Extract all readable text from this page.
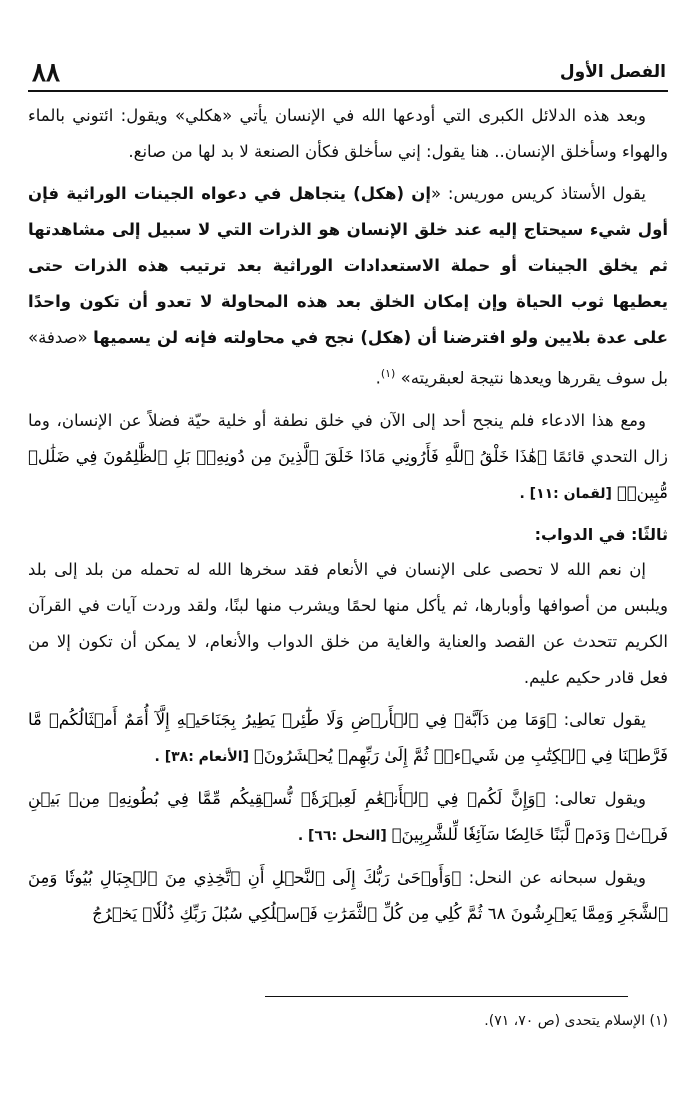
٨٨	الفصل الأول

وبعد هذه الدلائل الكبرى التي أودعها الله في الإنسان يأتي «هكلي» ويقول: ائتوني بالماء والهواء وسأخلق الإنسان.. هنا يقول: إني سأخلق فكأن الصنعة لا بد لها من صانع.

يقول الأستاذ كريس موريس: «إن (هكل) يتجاهل في دعواه الجينات الوراثية فإن أول شيء سيحتاج إليه عند خلق الإنسان هو الذرات التي لا سبيل إلى مشاهدتها ثم يخلق الجينات أو حملة الاستعدادات الوراثية بعد ترتيب هذه الذرات حتى يعطيها ثوب الحياة وإن إمكان الخلق بعد هذه المحاولة لا تعدو أن تكون واحدًا على عدة بلايين ولو افترضنا أن (هكل) نجح في محاولته فإنه لن يسميها «صدفة» بل سوف يقررها ويعدها نتيجة لعبقريته» $^{(١)}$.

ومع هذا الادعاء فلم ينجح أحد إلى الآن في خلق نطفة أو خلية حيّة فضلاً عن الإنسان، وما زال التحدي قائمًا ﴿هَٰذَا خَلْقُ ٱللَّهِ فَأَرُونِي مَاذَا خَلَقَ ٱلَّذِينَ مِن دُونِهِۦۚ بَلِ ٱلظَّٰلِمُونَ فِي ضَلَٰلٖ مُّبِينٖ﴾ [لقمان :١١] .

ثالثًا: في الدواب:

إن نعم الله لا تحصى على الإنسان في الأنعام فقد سخرها الله له تحمله من بلد إلى بلد ويلبس من أصوافها وأوبارها، ثم يأكل منها لحمًا ويشرب منها لبنًا، ولقد وردت آيات في القرآن الكريم تتحدث عن القصد والعناية والغاية من خلق الدواب والأنعام، لا يمكن أن تكون إلا من فعل قادر حكيم عليم.

يقول تعالى: ﴿وَمَا مِن دَآبَّةٖ فِي ٱلۡأَرۡضِ وَلَا طَٰٓئِرٖ يَطِيرُ بِجَنَاحَيۡهِ إِلَّآ أُمَمٌ أَمۡثَالُكُمۚ مَّا فَرَّطۡنَا فِي ٱلۡكِتَٰبِ مِن شَيۡءٖۚ ثُمَّ إِلَىٰ رَبِّهِمۡ يُحۡشَرُونَ﴾ [الأنعام :٣٨] .

ويقول تعالى: ﴿وَإِنَّ لَكُمۡ فِي ٱلۡأَنۡعَٰمِ لَعِبۡرَةٗۖ نُّسۡقِيكُم مِّمَّا فِي بُطُونِهِۦ مِنۢ بَيۡنِ فَرۡثٖ وَدَمٖ لَّبَنًا خَالِصٗا سَآئِغٗا لِّلشَّٰرِبِينَ﴾ [النحل :٦٦] .

ويقول سبحانه عن النحل: ﴿وَأَوۡحَىٰ رَبُّكَ إِلَى ٱلنَّحۡلِ أَنِ ٱتَّخِذِي مِنَ ٱلۡجِبَالِ بُيُوتٗا وَمِنَ ٱلشَّجَرِ وَمِمَّا يَعۡرِشُونَ ٦٨ ثُمَّ كُلِي مِن كُلِّ ٱلثَّمَرَٰتِ فَٱسۡلُكِي سُبُلَ رَبِّكِ ذُلُلٗاۚ يَخۡرُجُ

(١) الإسلام يتحدى (ص ٧٠، ٧١).
